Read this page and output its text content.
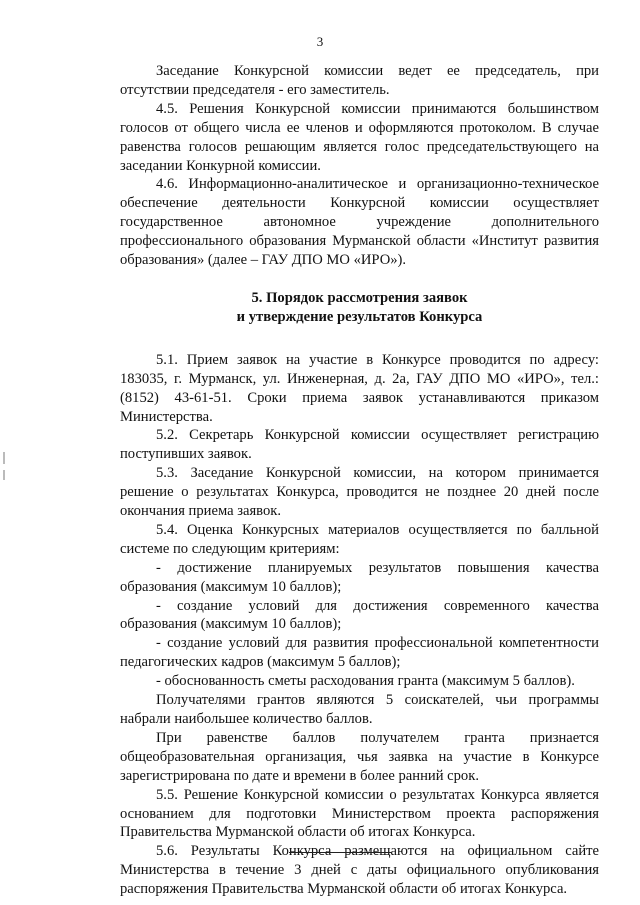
3

Заседание Конкурсной комиссии ведет ее председатель, при отсутствии председателя - его заместитель.

4.5. Решения Конкурсной комиссии принимаются большинством голосов от общего числа ее членов и оформляются протоколом. В случае равенства голосов решающим является голос председательствующего на заседании Конкурной комиссии.

4.6. Информационно-аналитическое и организационно-техническое обеспечение деятельности Конкурсной комиссии осуществляет государственное автономное учреждение дополнительного профессионального образования Мурманской области «Институт развития образования» (далее – ГАУ ДПО МО «ИРО»).

5. Порядок рассмотрения заявок

и утверждение результатов Конкурса

5.1. Прием заявок на участие в Конкурсе проводится по адресу: 183035, г. Мурманск, ул. Инженерная, д. 2а, ГАУ ДПО МО «ИРО», тел.: (8152) 43-61-51. Сроки приема заявок устанавливаются приказом Министерства.

5.2. Секретарь Конкурсной комиссии осуществляет регистрацию поступивших заявок.

5.3. Заседание Конкурсной комиссии, на котором принимается решение о результатах Конкурса, проводится не позднее 20 дней после окончания приема заявок.

5.4. Оценка Конкурсных материалов осуществляется по балльной системе по следующим критериям:

- достижение планируемых результатов повышения качества образования (максимум 10 баллов);

- создание условий для достижения современного качества образования (максимум 10 баллов);

- создание условий для развития профессиональной компетентности педагогических кадров (максимум 5 баллов);

- обоснованность сметы расходования гранта (максимум 5 баллов).

Получателями грантов являются 5 соискателей, чьи программы набрали наибольшее количество баллов.

При равенстве баллов получателем гранта признается общеобразовательная организация, чья заявка на участие в Конкурсе зарегистрирована по дате и времени в более ранний срок.

5.5. Решение Конкурсной комиссии о результатах Конкурса является основанием для подготовки Министерством проекта распоряжения Правительства Мурманской области об итогах Конкурса.

5.6. Результаты Конкурса размещаются на официальном сайте Министерства в течение 3 дней с даты официального опубликования распоряжения Правительства Мурманской области об итогах Конкурса.
